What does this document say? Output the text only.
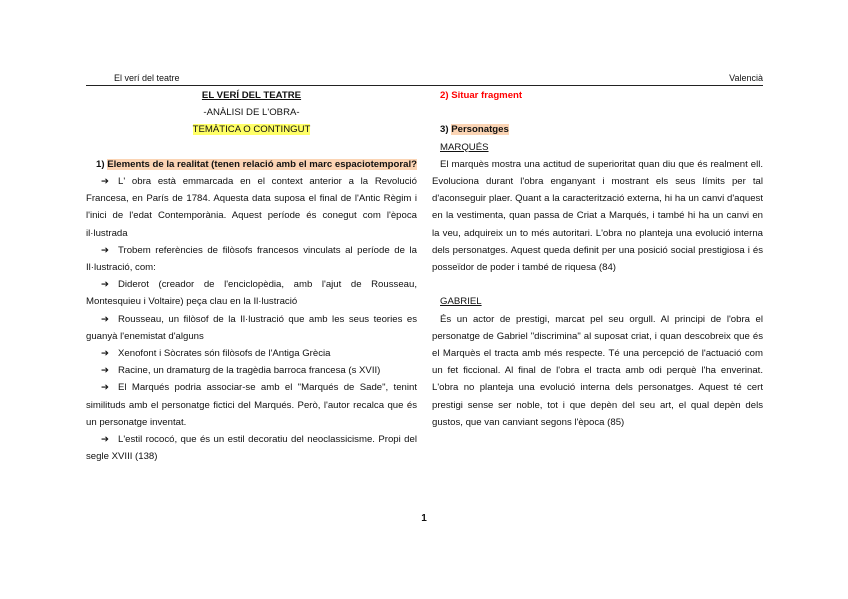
El verí del teatre	Valencià
EL VERÍ DEL TEATRE
-ANÀLISI DE L'OBRA-
TEMÀTICA O CONTINGUT
1) Elements de la realitat (tenen relació amb el marc espaciotemporal?
➔ L' obra està emmarcada en el context anterior a la Revolució Francesa, en París de 1784. Aquesta data suposa el final de l'Antic Règim i l'inici de l'edat Contemporània. Aquest període és conegut com l'època il·lustrada
➔ Trobem referències de filòsofs francesos vinculats al període de la Il·lustració, com:
➔ Diderot (creador de l'enciclopèdia, amb l'ajut de Rousseau, Montesquieu i Voltaire) peça clau en la Il·lustració
➔ Rousseau, un filòsof de la Il·lustració que amb les seus teories es guanyà l'enemistat d'alguns
➔ Xenofont i Sòcrates són filòsofs de l'Antiga Grècia
➔ Racine, un dramaturg de la tragèdia barroca francesa (s XVII)
➔ El Marqués podria associar-se amb el "Marqués de Sade", tenint similituds amb el personatge fictici del Marqués. Però, l'autor recalca que és un personatge inventat.
➔ L'estil rococó, que és un estil decoratiu del neoclassicisme. Propi del segle XVIII (138)
2) Situar fragment
3) Personatges
MARQUÉS
El marquès mostra una actitud de superioritat quan diu que és realment ell. Evoluciona durant l'obra enganyant i mostrant els seus límits per tal d'aconseguir plaer. Quant a la caracterització externa, hi ha un canvi d'aquest en la vestimenta, quan passa de Criat a Marqués, i també hi ha un canvi en la veu, adquireix un to més autoritari. L'obra no planteja una evolució interna dels personatges. Aquest queda definit per una posició social prestigiosa i és posseïdor de poder i també de riquesa (84)
GABRIEL
És un actor de prestigi, marcat pel seu orgull. Al principi de l'obra el personatge de Gabriel "discrimina" al suposat criat, i quan descobreix que és el Marquès el tracta amb més respecte. Té una percepció de l'actuació com un fet ficcional. Al final de l'obra el tracta amb odi perquè l'ha enverinat. L'obra no planteja una evolució interna dels personatges. Aquest té cert prestigi sense ser noble, tot i que depèn del seu art, el qual depèn dels gustos, que van canviant segons l'època (85)
1
